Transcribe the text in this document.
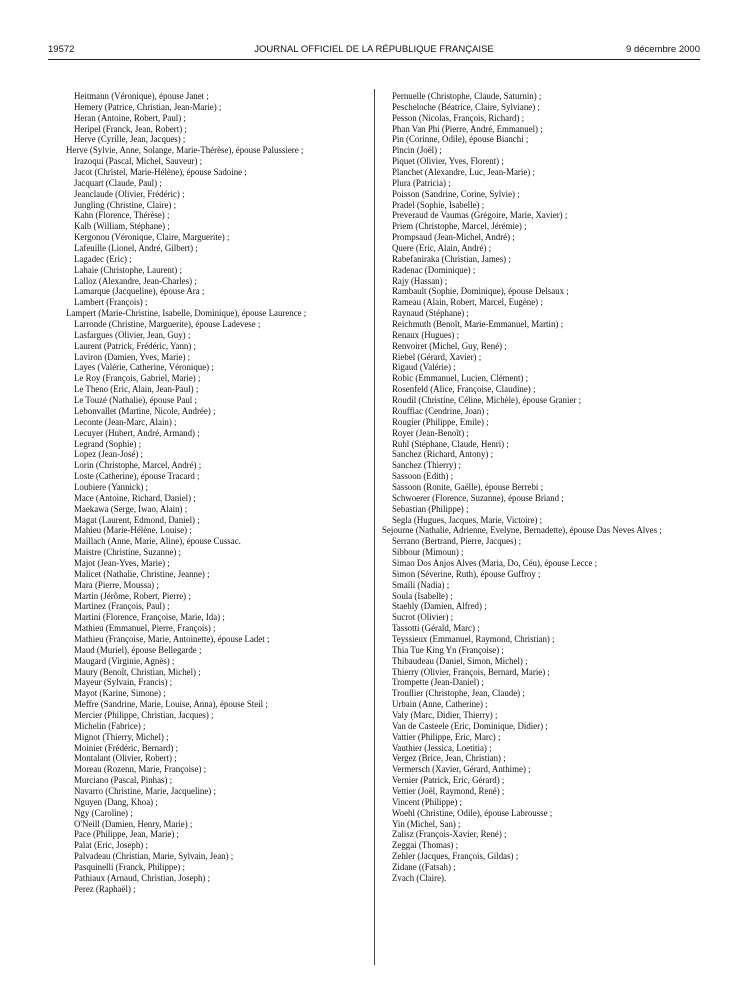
19572	JOURNAL OFFICIEL DE LA RÉPUBLIQUE FRANÇAISE	9 décembre 2000
Heitmann (Véronique), épouse Janet ;
Hemery (Patrice, Christian, Jean-Marie) ;
Heran (Antoine, Robert, Paul) ;
Heripel (Franck, Jean, Robert) ;
Herve (Cyrille, Jean, Jacques) ;
Herve (Sylvie, Anne, Solange, Marie-Thérèse), épouse Palussiere ;
Irazoqui (Pascal, Michel, Sauveur) ;
Jacot (Christel, Marie-Hélène), épouse Sadoine ;
Jacquart (Claude, Paul) ;
Jeanclaude (Olivier, Frédéric) ;
Jungling (Christine, Claire) ;
Kahn (Florence, Thérèse) ;
Kalb (William, Stéphane) ;
Kergonou (Véronique, Claire, Marguerite) ;
Lafeuille (Lionel, André, Gilbert) ;
Lagadec (Eric) ;
Lahaie (Christophe, Laurent) ;
Lalloz (Alexandre, Jean-Charles) ;
Lamarque (Jacqueline), épouse Ara ;
Lambert (François) ;
Lampert (Marie-Christine, Isabelle, Dominique), épouse Laurence ;
Larronde (Christine, Marguerite), épouse Ladevese ;
Lasfargues (Olivier, Jean, Guy) ;
Laurent (Patrick, Frédéric, Yann) ;
Laviron (Damien, Yves, Marie) ;
Layes (Valérie, Catherine, Véronique) ;
Le Roy (François, Gabriel, Marie) ;
Le Theno (Eric, Alain, Jean-Paul) ;
Le Touzé (Nathalie), épouse Paul ;
Lebonvallet (Martine, Nicole, Andrée) ;
Leconte (Jean-Marc, Alain) ;
Lecuyer (Hubert, André, Armand) ;
Legrand (Sophie) ;
Lopez (Jean-José) ;
Lorin (Christophe, Marcel, André) ;
Loste (Catherine), épouse Tracard ;
Loubiere (Yannick) ;
Mace (Antoine, Richard, Daniel) ;
Maekawa (Serge, Iwao, Alain) ;
Magat (Laurent, Edmond, Daniel) ;
Mahieu (Marie-Hélène, Louise) ;
Maillach (Anne, Marie, Aline), épouse Cussac.
Maistre (Christine, Suzanne) ;
Majot (Jean-Yves, Marie) ;
Malicet (Nathalie, Christine, Jeanne) ;
Mara (Pierre, Moussa) ;
Martin (Jérôme, Robert, Pierre) ;
Martinez (François, Paul) ;
Martini (Florence, Françoise, Marie, Ida) ;
Mathieu (Emmanuel, Pierre, François) ;
Mathieu (Françoise, Marie, Antoinette), épouse Ladet ;
Maud (Muriel), épouse Bellegarde ;
Maugard (Virginie, Agnès) ;
Maury (Benoît, Christian, Michel) ;
Mayeur (Sylvain, Francis) ;
Mayot (Karine, Simone) ;
Meffre (Sandrine, Marie, Louise, Anna), épouse Steil ;
Mercier (Philippe, Christian, Jacques) ;
Michelin (Fabrice) ;
Mignot (Thierry, Michel) ;
Moinier (Frédéric, Bernard) ;
Montalant (Olivier, Robert) ;
Moreau (Rozenn, Marie, Françoise) ;
Murciano (Pascal, Pinhas) ;
Navarro (Christine, Marie, Jacqueline) ;
Nguyen (Dang, Khoa) ;
Ngy (Caroline) ;
O'Neill (Damien, Henry, Marie) ;
Pace (Philippe, Jean, Marie) ;
Palat (Eric, Joseph) ;
Palvadeau (Christian, Marie, Sylvain, Jean) ;
Pasquinelli (Franck, Philippe) ;
Pathiaux (Arnaud, Christian, Joseph) ;
Perez (Raphaël) ;
Pernuelle (Christophe, Claude, Saturnin) ;
Pescheloche (Béatrice, Claire, Sylviane) ;
Pesson (Nicolas, François, Richard) ;
Phan Van Phi (Pierre, André, Emmanuel) ;
Pin (Corinne, Odile), épouse Bianchi ;
Pincin (Joël) ;
Piquet (Olivier, Yves, Florent) ;
Planchet (Alexandre, Luc, Jean-Marie) ;
Plura (Patricia) ;
Poisson (Sandrine, Corine, Sylvie) ;
Pradel (Sophie, Isabelle) ;
Preveraud de Vaumas (Grégoire, Marie, Xavier) ;
Priem (Christophe, Marcel, Jérémie) ;
Prompsaud (Jean-Michel, André) ;
Quere (Eric, Alain, André) ;
Rabefaniraka (Christian, James) ;
Radenac (Dominique) ;
Rajy (Hassan) ;
Rambault (Sophie, Dominique), épouse Delsaux ;
Rameau (Alain, Robert, Marcel, Eugène) ;
Raynaud (Stéphane) ;
Reichmuth (Benoît, Marie-Emmanuel, Martin) ;
Renaux (Hugues) ;
Renvoiret (Michel, Guy, René) ;
Riebel (Gérard, Xavier) ;
Rigaud (Valérie) ;
Robic (Emmanuel, Lucien, Clément) ;
Rosenfeld (Alice, Françoise, Claudine) ;
Roudil (Christine, Céline, Michèle), épouse Granier ;
Rouffiac (Cendrine, Joan) ;
Rougier (Philippe, Emile) ;
Royer (Jean-Benoît) ;
Ruhl (Stéphane, Claude, Henri) ;
Sanchez (Richard, Antony) ;
Sanchez (Thierry) ;
Sassoon (Edith) ;
Sassoon (Ronite, Gaëlle), épouse Berrebi ;
Schwoerer (Florence, Suzanne), épouse Briand ;
Sebastian (Philippe) ;
Segla (Hugues, Jacques, Marie, Victoire) ;
Sejourne (Nathalie, Adrienne, Evelyne, Bernadette), épouse Das Neves Alves ;
Serrano (Bertrand, Pierre, Jacques) ;
Sibbour (Mimoun) ;
Simao Dos Anjos Alves (Maria, Do, Céu), épouse Lecce ;
Simon (Séverine, Ruth), épouse Guffroy ;
Smaïli (Nadia) ;
Soula (Isabelle) ;
Staehly (Damien, Alfred) ;
Sucrot (Olivier) ;
Tassotti (Gérald, Marc) ;
Teyssieux (Emmanuel, Raymond, Christian) ;
Thia Tue King Yn (Françoise) ;
Thibaudeau (Daniel, Simon, Michel) ;
Thierry (Olivier, François, Bernard, Marie) ;
Trompette (Jean-Daniel) ;
Troullier (Christophe, Jean, Claude) ;
Urbain (Anne, Catherine) ;
Valy (Marc, Didier, Thierry) ;
Van de Casteele (Eric, Dominique, Didier) ;
Vattier (Philippe, Eric, Marc) ;
Vauthier (Jessica, Loetitia) ;
Vergez (Brice, Jean, Christian) ;
Vermersch (Xavier, Gérard, Anthime) ;
Vernier (Patrick, Eric, Gérard) ;
Vettier (Joël, Raymond, René) ;
Vincent (Philippe) ;
Woehl (Christine, Odile), épouse Labrousse ;
Yin (Michel, San) ;
Zalisz (François-Xavier, René) ;
Zeggai (Thomas) ;
Zehler (Jacques, François, Gildas) ;
Zidane ((Fatsah) ;
Zvach (Claire).
